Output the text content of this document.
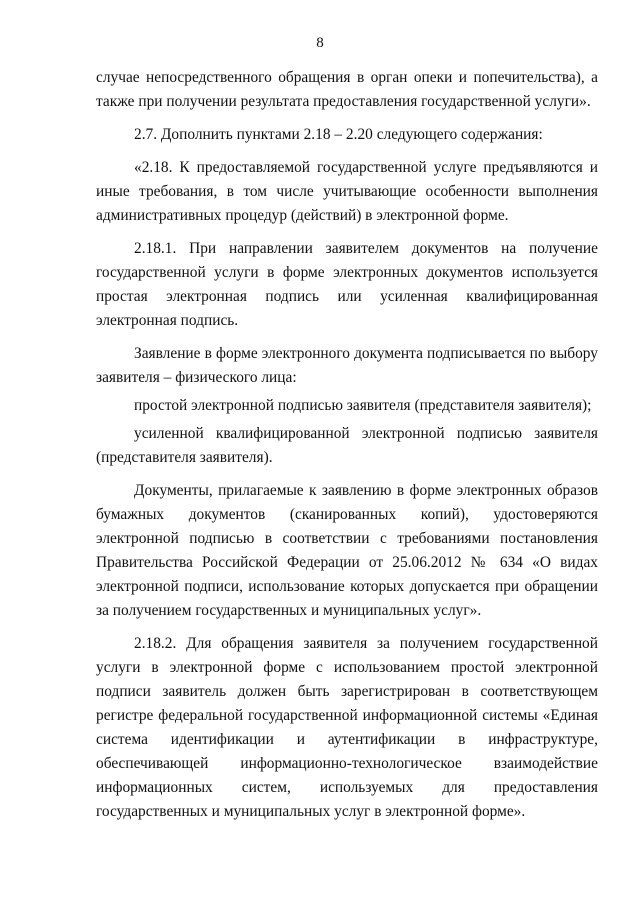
8

случае непосредственного обращения в орган опеки и попечительства), а также при получении результата предоставления государственной услуги».

2.7. Дополнить пунктами 2.18 – 2.20 следующего содержания:

«2.18. К предоставляемой государственной услуге предъявляются и иные требования, в том числе учитывающие особенности выполнения административных процедур (действий) в электронной форме.

2.18.1. При направлении заявителем документов на получение государственной услуги в форме электронных документов используется простая электронная подпись или усиленная квалифицированная электронная подпись.

Заявление в форме электронного документа подписывается по выбору заявителя – физического лица:

простой электронной подписью заявителя (представителя заявителя);

усиленной квалифицированной электронной подписью заявителя (представителя заявителя).

Документы, прилагаемые к заявлению в форме электронных образов бумажных документов (сканированных копий), удостоверяются электронной подписью в соответствии с требованиями постановления Правительства Российской Федерации от 25.06.2012 № 634 «О видах электронной подписи, использование которых допускается при обращении за получением государственных и муниципальных услуг».

2.18.2. Для обращения заявителя за получением государственной услуги в электронной форме с использованием простой электронной подписи заявитель должен быть зарегистрирован в соответствующем регистре федеральной государственной информационной системы «Единая система идентификации и аутентификации в инфраструктуре, обеспечивающей информационно-технологическое взаимодействие информационных систем, используемых для предоставления государственных и муниципальных услуг в электронной форме».
